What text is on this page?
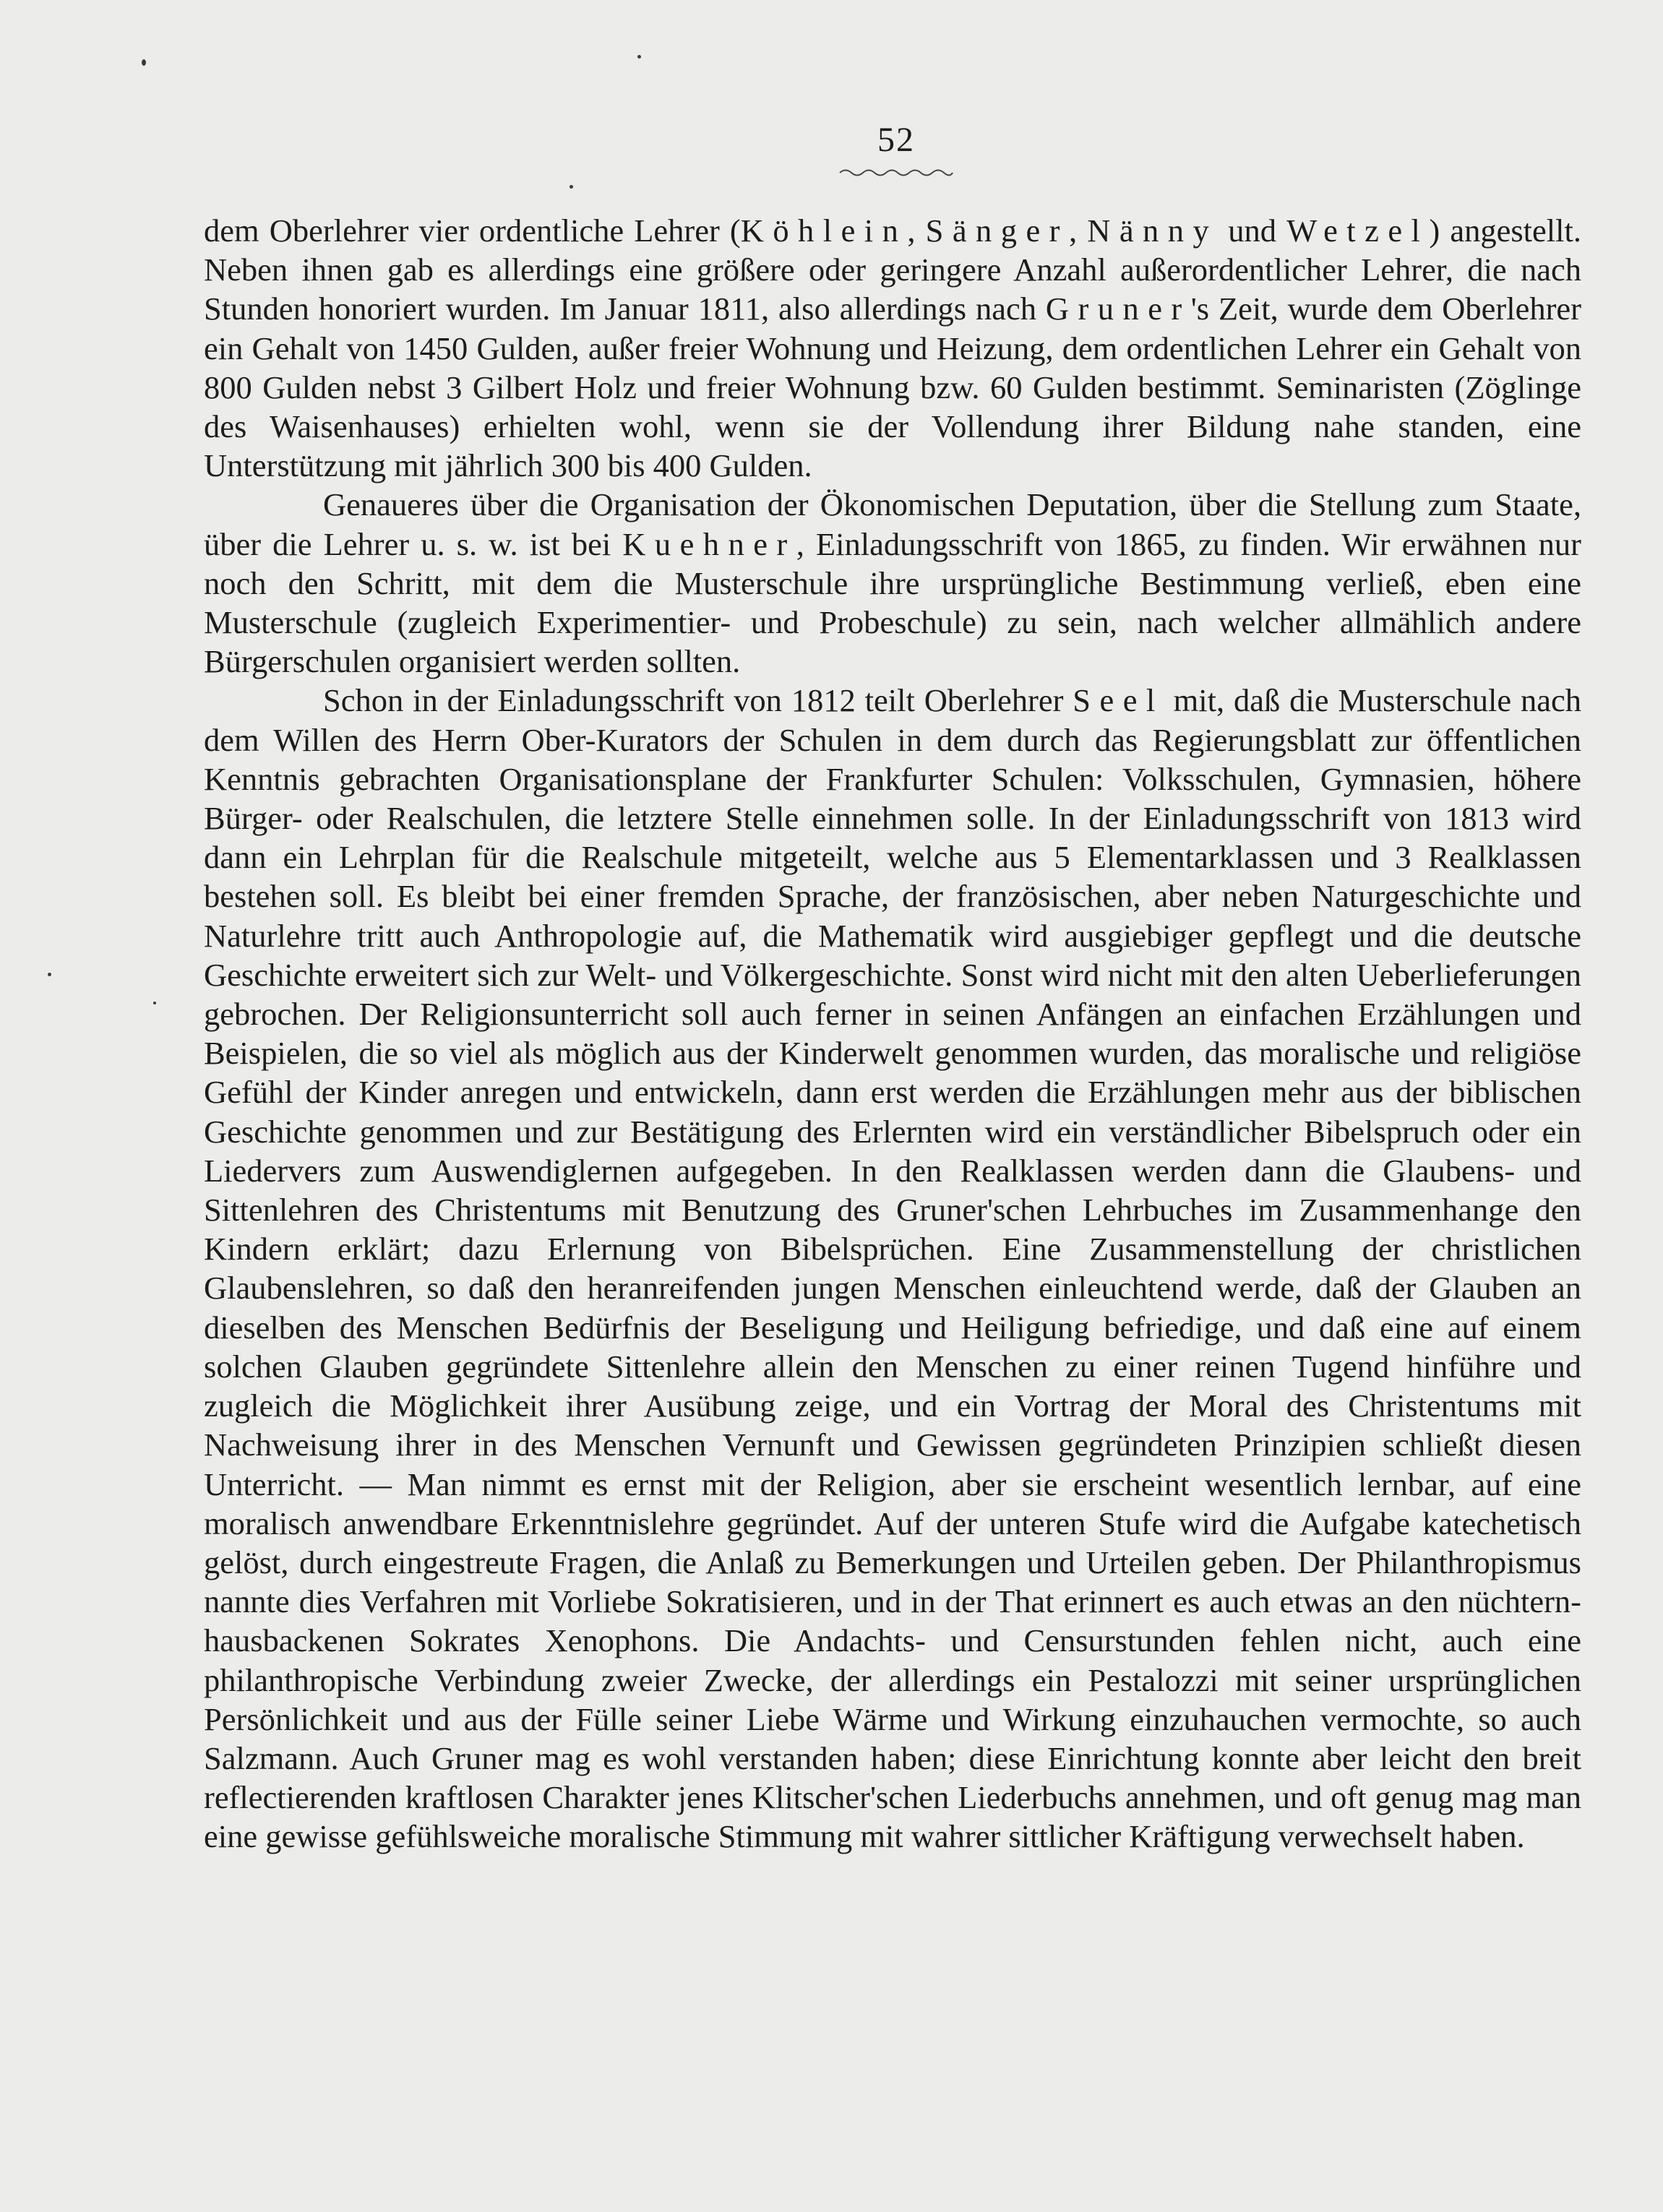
52

dem Oberlehrer vier ordentliche Lehrer (Köhlein, Sänger, Nänny und Wetzel) angestellt. Neben ihnen gab es allerdings eine größere oder geringere Anzahl außerordentlicher Lehrer, die nach Stunden honoriert wurden. Im Januar 1811, also allerdings nach Gruner's Zeit, wurde dem Oberlehrer ein Gehalt von 1450 Gulden, außer freier Wohnung und Heizung, dem ordentlichen Lehrer ein Gehalt von 800 Gulden nebst 3 Gilbert Holz und freier Wohnung bzw. 60 Gulden bestimmt. Seminaristen (Zöglinge des Waisenhauses) erhielten wohl, wenn sie der Vollendung ihrer Bildung nahe standen, eine Unterstützung mit jährlich 300 bis 400 Gulden.

Genaueres über die Organisation der Ökonomischen Deputation, über die Stellung zum Staate, über die Lehrer u. s. w. ist bei Kuehner, Einladungsschrift von 1865, zu finden. Wir erwähnen nur noch den Schritt, mit dem die Musterschule ihre ursprüngliche Bestimmung verließ, eben eine Musterschule (zugleich Experimentier- und Probeschule) zu sein, nach welcher allmählich andere Bürgerschulen organisiert werden sollten.

Schon in der Einladungsschrift von 1812 teilt Oberlehrer Seel mit, daß die Musterschule nach dem Willen des Herrn Ober-Kurators der Schulen in dem durch das Regierungsblatt zur öffentlichen Kenntnis gebrachten Organisationsplane der Frankfurter Schulen: Volksschulen, Gymnasien, höhere Bürger- oder Realschulen, die letztere Stelle einnehmen solle. In der Einladungsschrift von 1813 wird dann ein Lehrplan für die Realschule mitgeteilt, welche aus 5 Elementarklassen und 3 Realklassen bestehen soll. Es bleibt bei einer fremden Sprache, der französischen, aber neben Naturgeschichte und Naturlehre tritt auch Anthropologie auf, die Mathematik wird ausgiebiger gepflegt und die deutsche Geschichte erweitert sich zur Welt- und Völkergeschichte. Sonst wird nicht mit den alten Ueberlieferungen gebrochen. Der Religionsunterricht soll auch ferner in seinen Anfängen an einfachen Erzählungen und Beispielen, die so viel als möglich aus der Kinderwelt genommen wurden, das moralische und religiöse Gefühl der Kinder anregen und entwickeln, dann erst werden die Erzählungen mehr aus der biblischen Geschichte genommen und zur Bestätigung des Erlernten wird ein verständlicher Bibelspruch oder ein Liedervers zum Auswendiglernen aufgegeben. In den Realklassen werden dann die Glaubens- und Sittenlehren des Christentums mit Benutzung des Gruner'schen Lehrbuches im Zusammenhange den Kindern erklärt; dazu Erlernung von Bibelsprüchen. Eine Zusammenstellung der christlichen Glaubenslehren, so daß den heranreifenden jungen Menschen einleuchtend werde, daß der Glauben an dieselben des Menschen Bedürfnis der Beseligung und Heiligung befriedige, und daß eine auf einem solchen Glauben gegründete Sittenlehre allein den Menschen zu einer reinen Tugend hinführe und zugleich die Möglichkeit ihrer Ausübung zeige, und ein Vortrag der Moral des Christentums mit Nachweisung ihrer in des Menschen Vernunft und Gewissen gegründeten Prinzipien schließt diesen Unterricht. — Man nimmt es ernst mit der Religion, aber sie erscheint wesentlich lernbar, auf eine moralisch anwendbare Erkenntnislehre gegründet. Auf der unteren Stufe wird die Aufgabe katechetisch gelöst, durch eingestreute Fragen, die Anlaß zu Bemerkungen und Urteilen geben. Der Philanthropismus nannte dies Verfahren mit Vorliebe Sokratisieren, und in der That erinnert es auch etwas an den nüchtern-hausbackenen Sokrates Xenophons. Die Andachts- und Censurstunden fehlen nicht, auch eine philanthropische Verbindung zweier Zwecke, der allerdings ein Pestalozzi mit seiner ursprünglichen Persönlichkeit und aus der Fülle seiner Liebe Wärme und Wirkung einzuhauchen vermochte, so auch Salzmann. Auch Gruner mag es wohl verstanden haben; diese Einrichtung konnte aber leicht den breit reflectierenden kraftlosen Charakter jenes Klitscher'schen Liederbuchs annehmen, und oft genug mag man eine gewisse gefühlsweiche moralische Stimmung mit wahrer sittlicher Kräftigung verwechselt haben.
